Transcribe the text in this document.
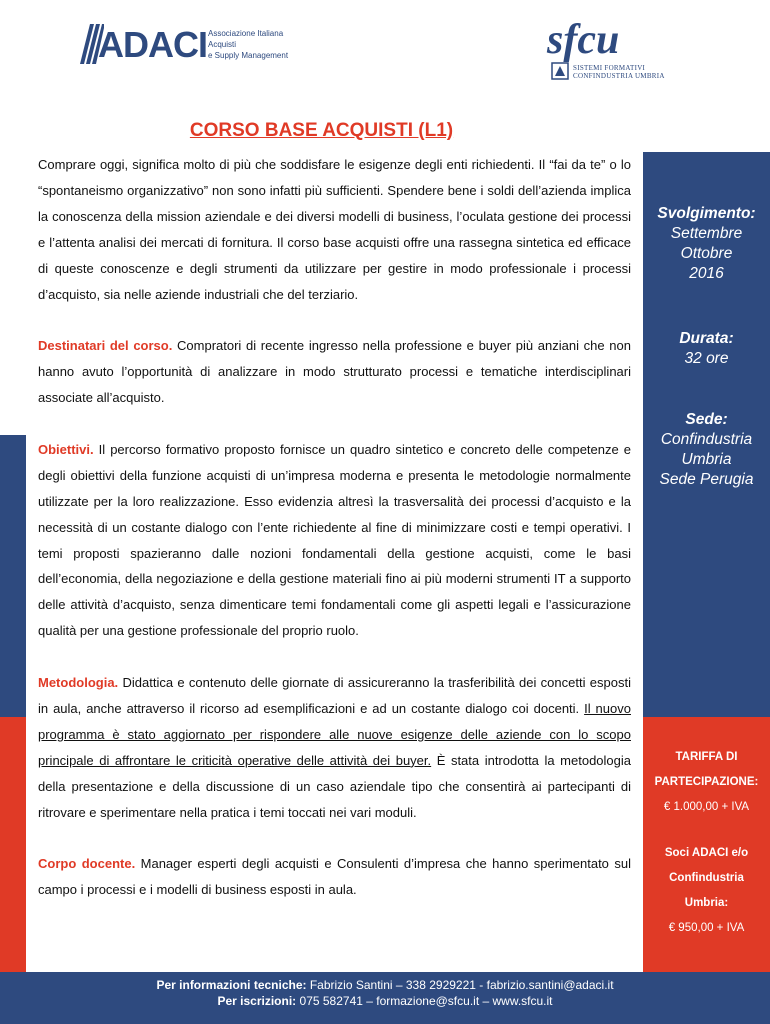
ADACI Associazione Italiana
Acquisti
e Supply Management	sfcu
SISTEMI FORMATIVI
CONFINDUSTRIA UMBRIA
CORSO BASE ACQUISTI (L1)

Comprare oggi, significa molto di più che soddisfare le esigenze degli enti richiedenti. Il “fai da te” o lo “spontaneismo organizzativo” non sono infatti più sufficienti. Spendere bene i soldi dell’azienda implica la conoscenza della mission aziendale e dei diversi modelli di business, l’oculata gestione dei processi e l’attenta analisi dei mercati di fornitura. Il corso base acquisti offre una rassegna sintetica ed efficace di queste conoscenze e degli strumenti da utilizzare per gestire in modo professionale i processi d’acquisto, sia nelle aziende industriali che del terziario.

Destinatari del corso. Compratori di recente ingresso nella professione e buyer più anziani che non hanno avuto l’opportunità di analizzare in modo strutturato processi e tematiche interdisciplinari associate all’acquisto.

Obiettivi. Il percorso formativo proposto fornisce un quadro sintetico e concreto delle competenze e degli obiettivi della funzione acquisti di un’impresa moderna e presenta le metodologie normalmente utilizzate per la loro realizzazione. Esso evidenzia altresì la trasversalità dei processi d’acquisto e la necessità di un costante dialogo con l’ente richiedente al fine di minimizzare costi e tempi operativi. I temi proposti spazieranno dalle nozioni fondamentali della gestione acquisti, come le basi dell’economia, della negoziazione e della gestione materiali fino ai più moderni strumenti IT a supporto delle attività d’acquisto, senza dimenticare temi fondamentali come gli aspetti legali e l’assicurazione qualità per una gestione professionale del proprio ruolo.

Metodologia. Didattica e contenuto delle giornate di assicureranno la trasferibilità dei concetti esposti in aula, anche attraverso il ricorso ad esemplificazioni e ad un costante dialogo coi docenti. Il nuovo programma è stato aggiornato per rispondere alle nuove esigenze delle aziende con lo scopo principale di affrontare le criticità operative delle attività dei buyer. È stata introdotta la metodologia della presentazione e della discussione di un caso aziendale tipo che consentirà ai partecipanti di ritrovare e sperimentare nella pratica i temi toccati nei vari moduli.

Corpo docente. Manager esperti degli acquisti e Consulenti d’impresa che hanno sperimentato sul campo i processi e i modelli di business esposti in aula.

Svolgimento:
Settembre
Ottobre
2016
Durata:
32 ore
Sede:
Confindustria
Umbria
Sede Perugia
TARIFFA DI
PARTECIPAZIONE:
€ 1.000,00 + IVA
Soci ADACI e/o
Confindustria
Umbria:
€ 950,00 + IVA
Per informazioni tecniche: Fabrizio Santini – 338 2929221 - fabrizio.santini@adaci.it
Per iscrizioni: 075 582741 – formazione@sfcu.it – www.sfcu.it
